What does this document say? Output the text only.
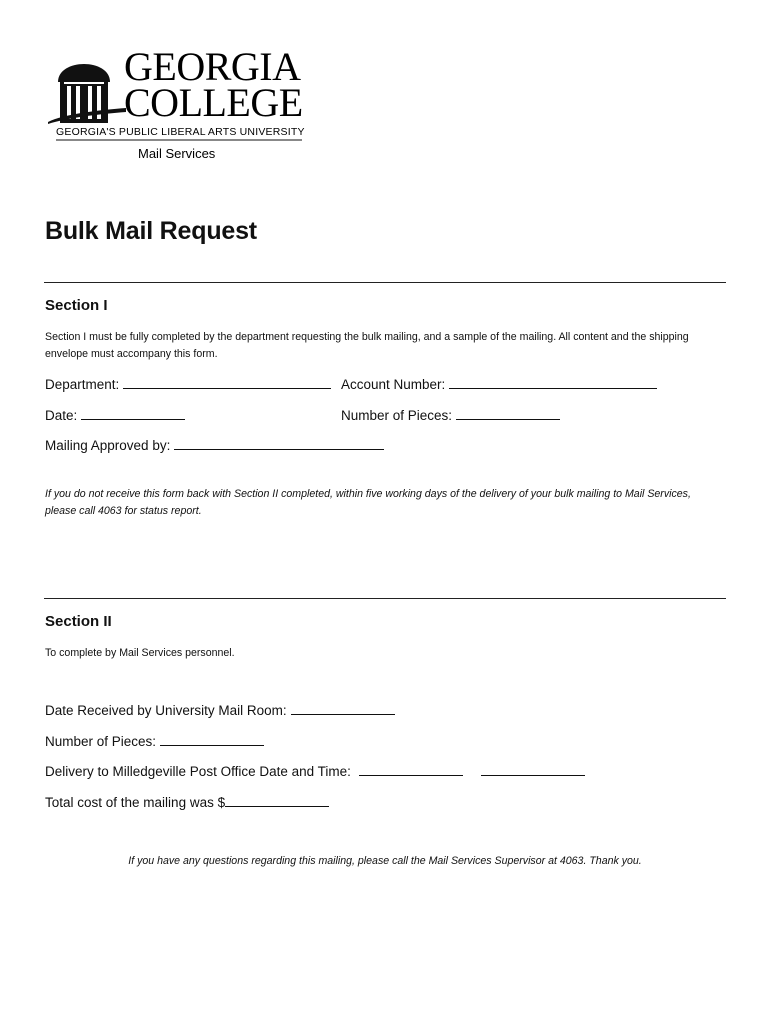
GEORGIA
COLLEGE
GEORGIA'S PUBLIC LIBERAL ARTS UNIVERSITY
Mail Services
Bulk Mail Request
Section I
Section I must be fully completed by the department requesting the bulk mailing, and a sample of the mailing. All content and the shipping envelope must accompany this form.
Department:	Account Number:
Date:	Number of Pieces:
Mailing Approved by:
If you do not receive this form back with Section II completed, within five working days of the delivery of your bulk mailing to Mail Services, please call 4063 for status report.
Section II
To complete by Mail Services personnel.
Date Received by University Mail Room:
Number of Pieces:
Delivery to Milledgeville Post Office Date and Time:
Total cost of the mailing was $
If you have any questions regarding this mailing, please call the Mail Services Supervisor at 4063. Thank you.
